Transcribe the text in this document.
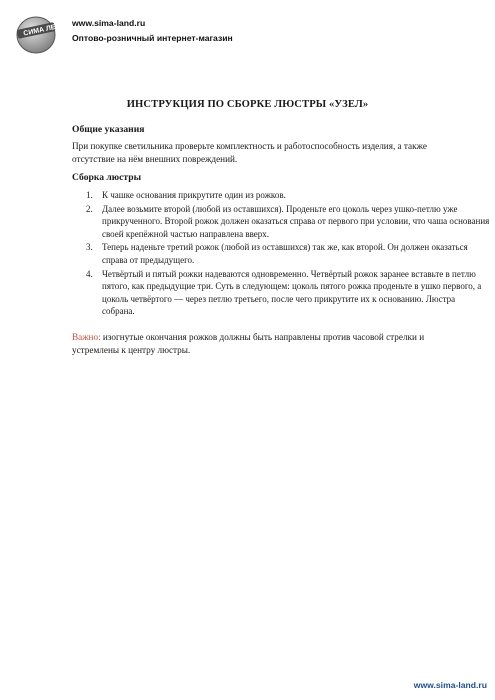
СИМА ЛЕНД www.sima-land.ru
Оптово-розничный интернет-магазин
ИНСТРУКЦИЯ ПО СБОРКЕ ЛЮСТРЫ «УЗЕЛ»
Общие указания
При покупке светильника проверьте комплектность и работоспособность изделия, а также отсутствие на нём внешних повреждений.
Сборка люстры
1. К чашке основания прикрутите один из рожков.
2. Далее возьмите второй (любой из оставшихся). Проденьте его цоколь через ушко-петлю уже прикрученного. Второй рожок должен оказаться справа от первого при условии, что чаша основания своей крепёжной частью направлена вверх.
3. Теперь наденьте третий рожок (любой из оставшихся) так же, как второй. Он должен оказаться справа от предыдущего.
4. Четвёртый и пятый рожки надеваются одновременно. Четвёртый рожок заранее вставьте в петлю пятого, как предыдущие три. Суть в следующем: цоколь пятого рожка проденьте в ушко первого, а цоколь четвёртого — через петлю третьего, после чего прикрутите их к основанию. Люстра собрана.
Важно: изогнутые окончания рожков должны быть направлены против часовой стрелки и устремлены к центру люстры.
www.sima-land.ru
